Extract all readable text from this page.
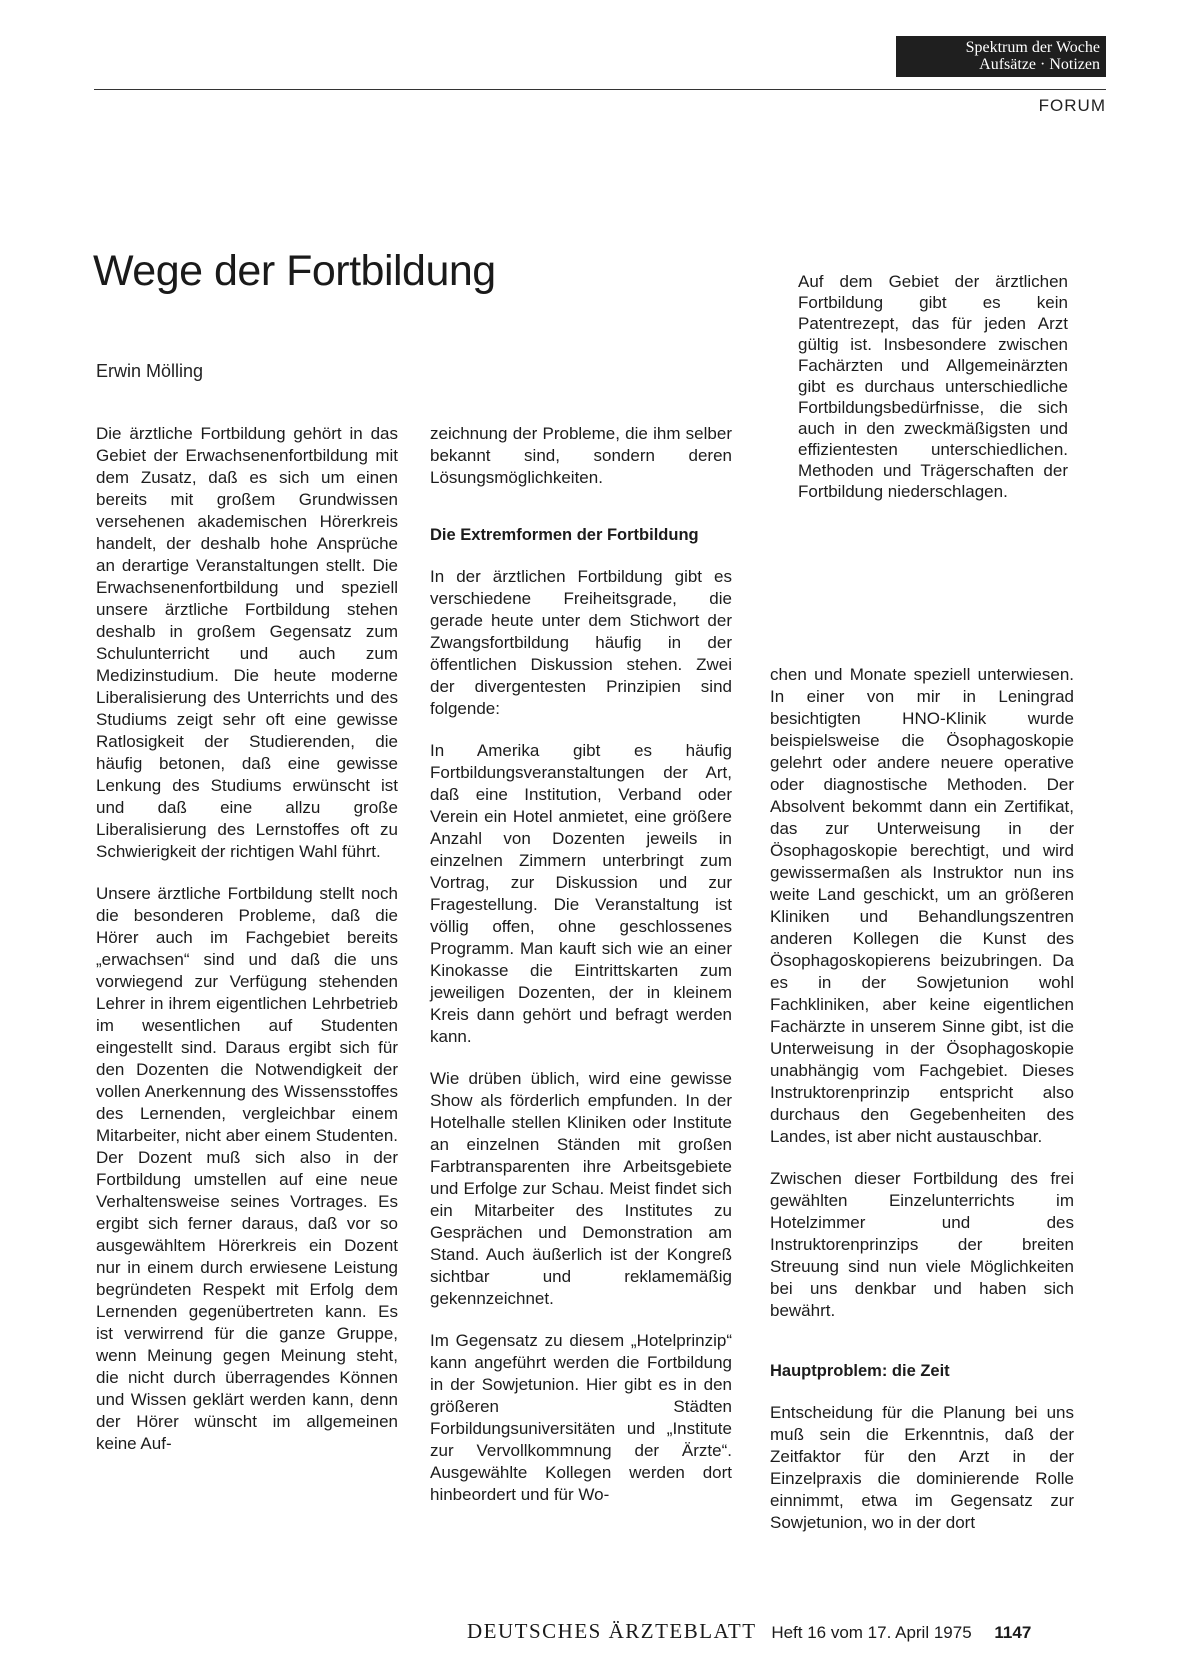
Spektrum der Woche
Aufsätze · Notizen
FORUM
Wege der Fortbildung
Erwin Mölling

Die ärztliche Fortbildung gehört in das Gebiet der Erwachsenenfortbildung mit dem Zusatz, daß es sich um einen bereits mit großem Grundwissen versehenen akademischen Hörerkreis handelt, der deshalb hohe Ansprüche an derartige Veranstaltungen stellt. Die Erwachsenenfortbildung und speziell unsere ärztliche Fortbildung stehen deshalb in großem Gegensatz zum Schulunterricht und auch zum Medizinstudium. Die heute moderne Liberalisierung des Unterrichts und des Studiums zeigt sehr oft eine gewisse Ratlosigkeit der Studierenden, die häufig betonen, daß eine gewisse Lenkung des Studiums erwünscht ist und daß eine allzu große Liberalisierung des Lernstoffes oft zu Schwierigkeit der richtigen Wahl führt.

Unsere ärztliche Fortbildung stellt noch die besonderen Probleme, daß die Hörer auch im Fachgebiet bereits „erwachsen“ sind und daß die uns vorwiegend zur Verfügung stehenden Lehrer in ihrem eigentlichen Lehrbetrieb im wesentlichen auf Studenten eingestellt sind. Daraus ergibt sich für den Dozenten die Notwendigkeit der vollen Anerkennung des Wissensstoffes des Lernenden, vergleichbar einem Mitarbeiter, nicht aber einem Studenten. Der Dozent muß sich also in der Fortbildung umstellen auf eine neue Verhaltensweise seines Vortrages. Es ergibt sich ferner daraus, daß vor so ausgewähltem Hörerkreis ein Dozent nur in einem durch erwiesene Leistung begründeten Respekt mit Erfolg dem Lernenden gegenübertreten kann. Es ist verwirrend für die ganze Gruppe, wenn Meinung gegen Meinung steht, die nicht durch überragendes Können und Wissen geklärt werden kann, denn der Hörer wünscht im allgemeinen keine Auf-

zeichnung der Probleme, die ihm selber bekannt sind, sondern deren Lösungsmöglichkeiten.

Die Extremformen der Fortbildung

In der ärztlichen Fortbildung gibt es verschiedene Freiheitsgrade, die gerade heute unter dem Stichwort der Zwangsfortbildung häufig in der öffentlichen Diskussion stehen. Zwei der divergentesten Prinzipien sind folgende:

In Amerika gibt es häufig Fortbildungsveranstaltungen der Art, daß eine Institution, Verband oder Verein ein Hotel anmietet, eine größere Anzahl von Dozenten jeweils in einzelnen Zimmern unterbringt zum Vortrag, zur Diskussion und zur Fragestellung. Die Veranstaltung ist völlig offen, ohne geschlossenes Programm. Man kauft sich wie an einer Kinokasse die Eintrittskarten zum jeweiligen Dozenten, der in kleinem Kreis dann gehört und befragt werden kann.

Wie drüben üblich, wird eine gewisse Show als förderlich empfunden. In der Hotelhalle stellen Kliniken oder Institute an einzelnen Ständen mit großen Farbtransparenten ihre Arbeitsgebiete und Erfolge zur Schau. Meist findet sich ein Mitarbeiter des Institutes zu Gesprächen und Demonstration am Stand. Auch äußerlich ist der Kongreß sichtbar und reklamemäßig gekennzeichnet.

Im Gegensatz zu diesem „Hotelprinzip“ kann angeführt werden die Fortbildung in der Sowjetunion. Hier gibt es in den größeren Städten Forbildungsuniversitäten und „Institute zur Vervollkommnung der Ärzte“. Ausgewählte Kollegen werden dort hinbeordert und für Wo-

Auf dem Gebiet der ärztlichen Fortbildung gibt es kein Patentrezept, das für jeden Arzt gültig ist. Insbesondere zwischen Fachärzten und Allgemeinärzten gibt es durchaus unterschiedliche Fortbildungsbedürfnisse, die sich auch in den zweckmäßigsten und effizientesten unterschiedlichen. Methoden und Trägerschaften der Fortbildung niederschlagen.

chen und Monate speziell unterwiesen. In einer von mir in Leningrad besichtigten HNO-Klinik wurde beispielsweise die Ösophagoskopie gelehrt oder andere neuere operative oder diagnostische Methoden. Der Absolvent bekommt dann ein Zertifikat, das zur Unterweisung in der Ösophagoskopie berechtigt, und wird gewissermaßen als Instruktor nun ins weite Land geschickt, um an größeren Kliniken und Behandlungszentren anderen Kollegen die Kunst des Ösophagoskopierens beizubringen. Da es in der Sowjetunion wohl Fachkliniken, aber keine eigentlichen Fachärzte in unserem Sinne gibt, ist die Unterweisung in der Ösophagoskopie unabhängig vom Fachgebiet. Dieses Instruktorenprinzip entspricht also durchaus den Gegebenheiten des Landes, ist aber nicht austauschbar.

Zwischen dieser Fortbildung des frei gewählten Einzelunterrichts im Hotelzimmer und des Instruktorenprinzips der breiten Streuung sind nun viele Möglichkeiten bei uns denkbar und haben sich bewährt.

Hauptproblem: die Zeit

Entscheidung für die Planung bei uns muß sein die Erkenntnis, daß der Zeitfaktor für den Arzt in der Einzelpraxis die dominierende Rolle einnimmt, etwa im Gegensatz zur Sowjetunion, wo in der dort

DEUTSCHES ÄRZTEBLATT Heft 16 vom 17. April 1975 1147
